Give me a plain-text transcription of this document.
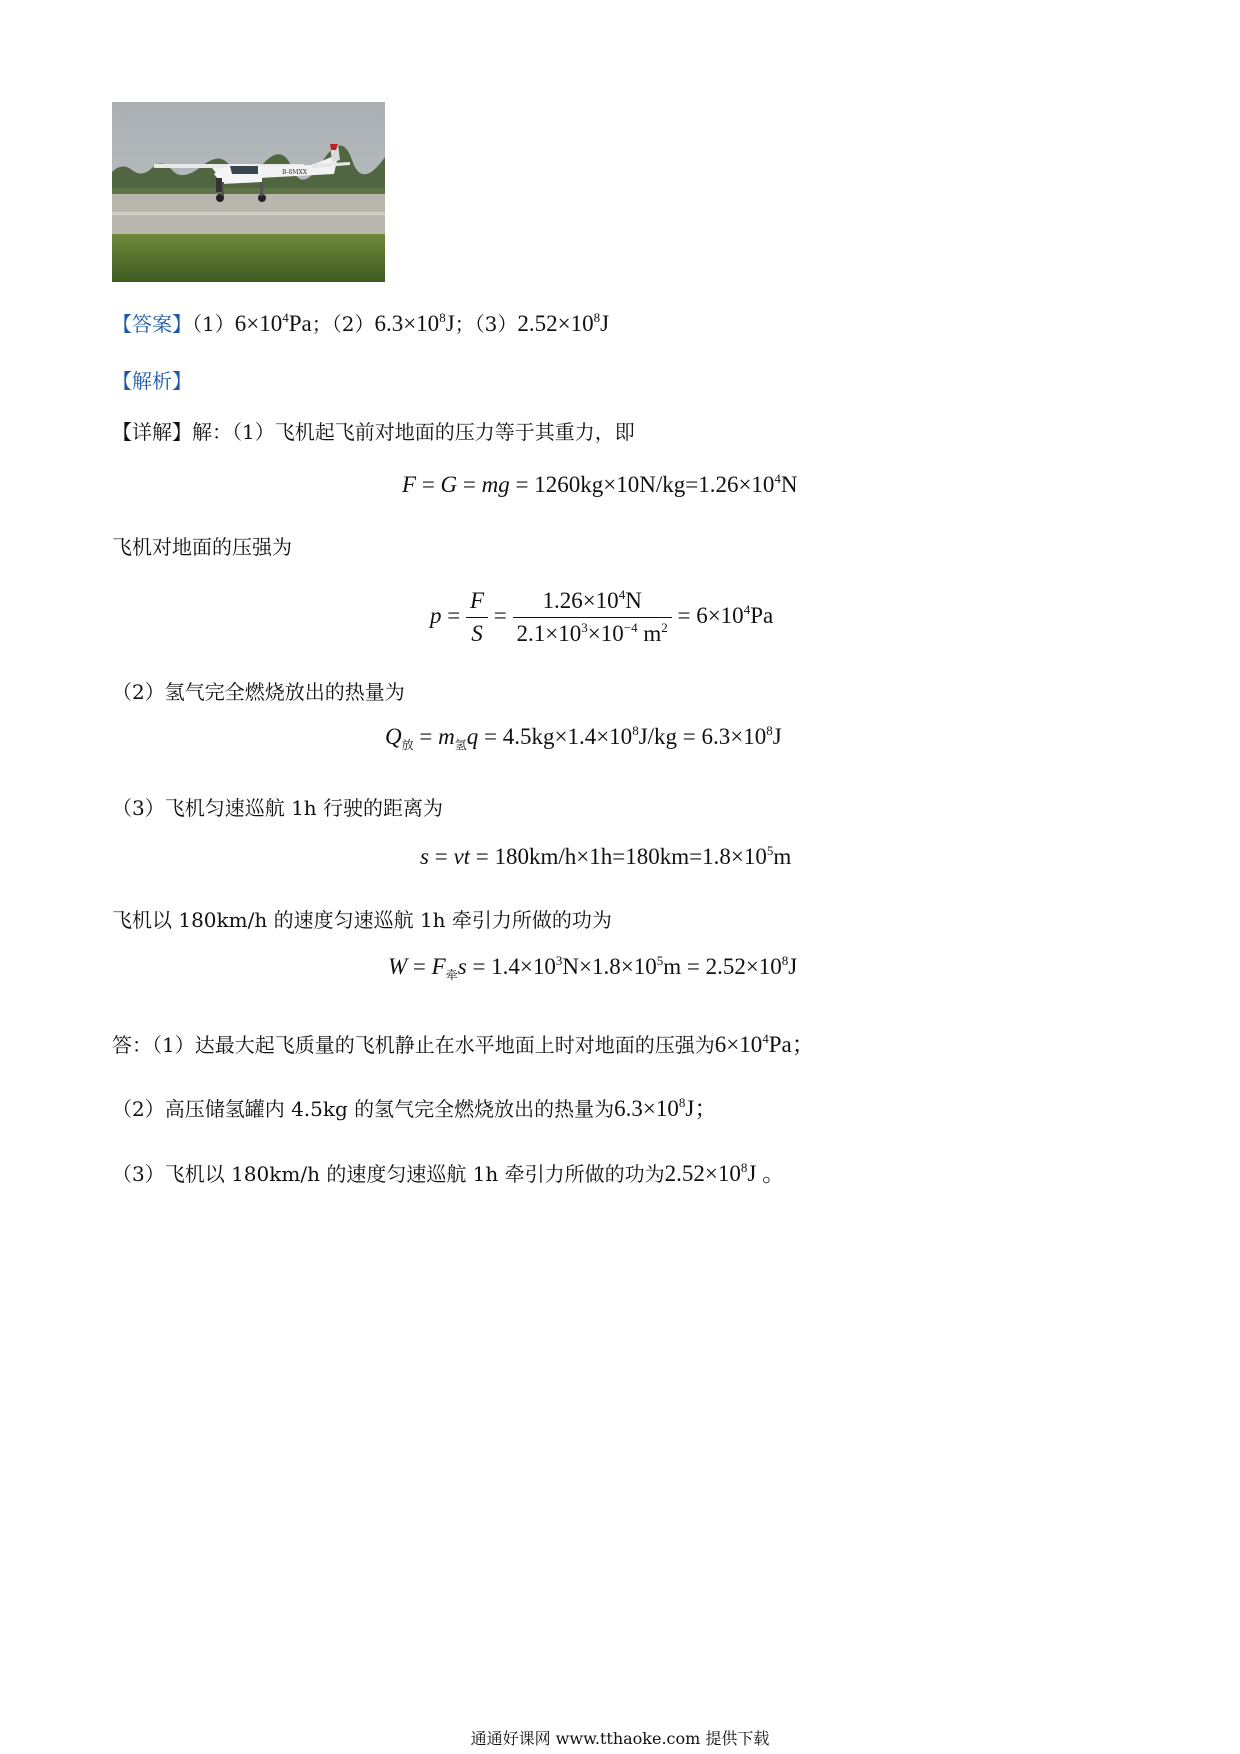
B-8MXX
【答案】$(1)6\times 10^4Pa$；$(2)6.3\times 10^8J$；$(3)2.52\times 10^8J$
【解析】
【详解】解：（1）飞机起飞前对地面的压力等于其重力，即
F = G = mg = $1260kg\times 10N/kg=1.26\times 10^4N$
飞机对地面的压强为
$p = \frac{F}{S} = \frac{1.26\times 10^4N}{2.1\times 10^3\times 10^{-4} m^2} = 6\times 10^4Pa$
（2）氢气完全燃烧放出的热量为
$Q_放 = m_氢q = 4.5kg\times 1.4\times 10^8J/kg = 6.3\times 10^8J$
（3）飞机匀速巡航 1h 行驶的距离为
s = vt = $180km/h\times 1h=180km=1.8\times 10^5m$
飞机以 180km/h 的速度匀速巡航 1h 牵引力所做的功为
$W = F_牵s = 1.4\times 10^3N\times 1.8\times 10^5m = 2.52\times 10^8J$
答：（1）达最大起飞质量的飞机静止在水平地面上时对地面的压强为$6\times 10^4Pa$；
（2）高压储氢罐内 4.5kg 的氢气完全燃烧放出的热量为$6.3\times 10^8J$；
（3）飞机以 180km/h 的速度匀速巡航 1h 牵引力所做的功为$2.52\times 10^8J$ 。
通通好课网 www.tthaoke.com 提供下载
